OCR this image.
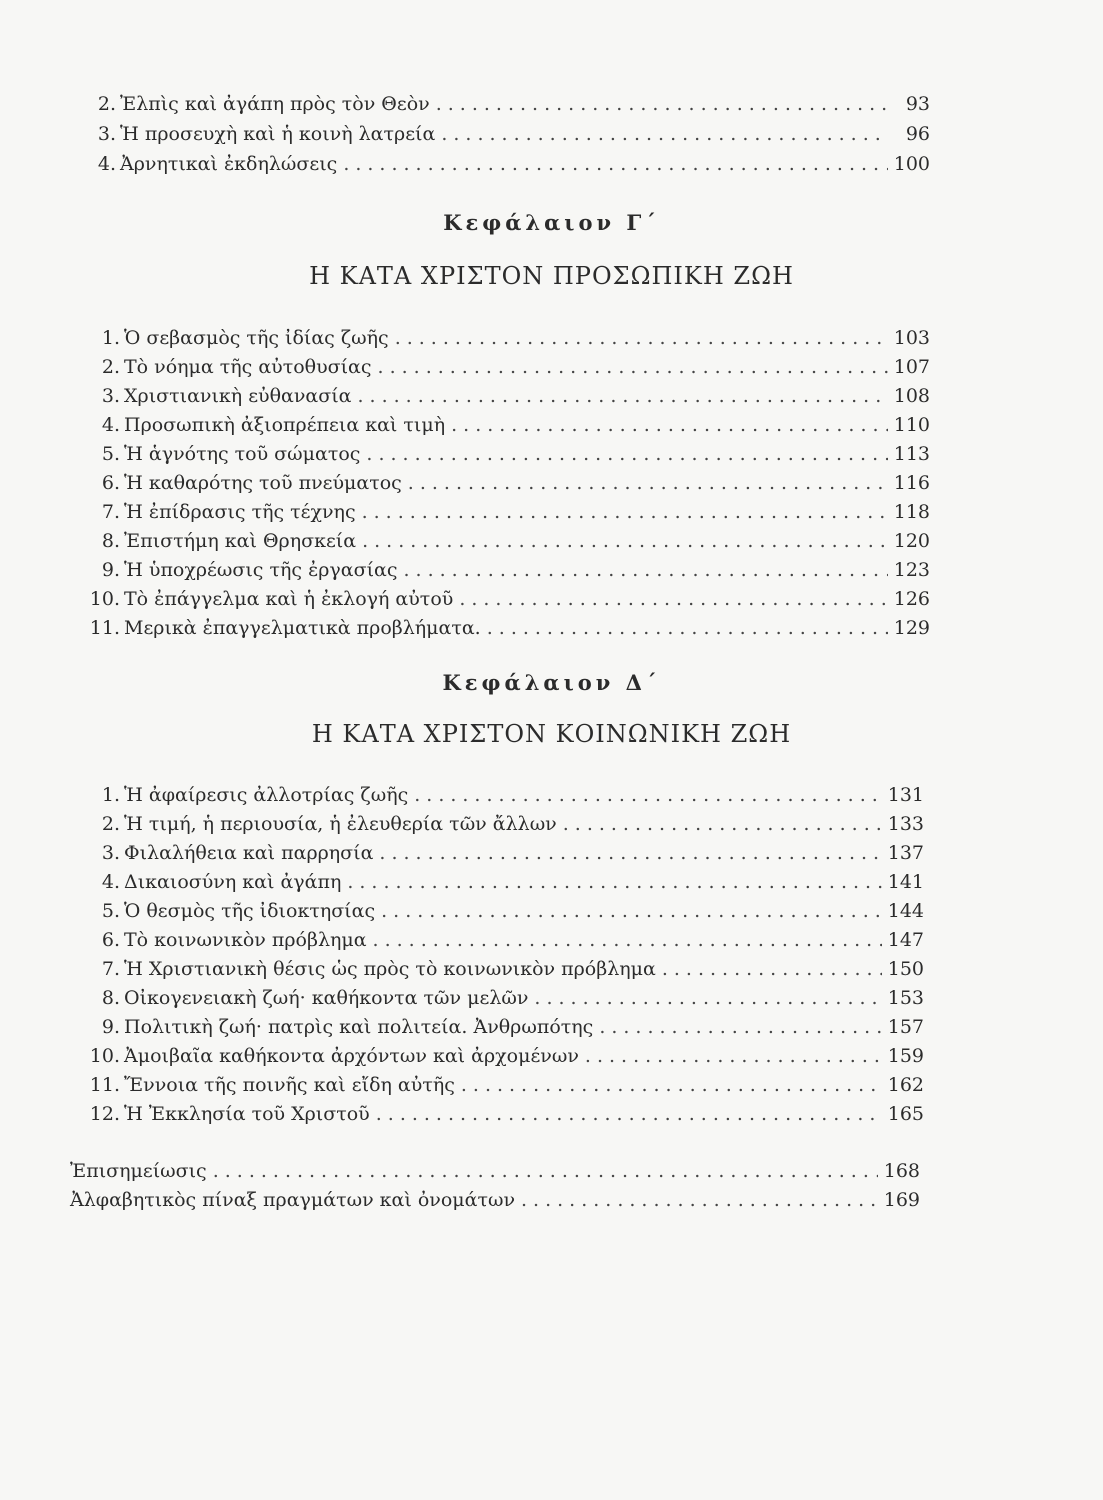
2. Ἐλπὶς καὶ ἀγάπη πρὸς τὸν Θεὸν .....	93
3. Ἡ προσευχὴ καὶ ἡ κοινὴ λατρεία .....	96
4. Ἀρνητικαὶ ἐκδηλώσεις .....	100
Κεφάλαιον Γ΄
Η ΚΑΤΑ ΧΡΙΣΤΟΝ ΠΡΟΣΩΠΙΚΗ ΖΩΗ
1. Ὁ σεβασμὸς τῆς ἰδίας ζωῆς .....	103
2. Τὸ νόημα τῆς αὐτοθυσίας .....	107
3. Χριστιανικὴ εὐθανασία .....	108
4. Προσωπικὴ ἀξιοπρέπεια καὶ τιμὴ .....	110
5. Ἡ ἁγνότης τοῦ σώματος .....	113
6. Ἡ καθαρότης τοῦ πνεύματος .....	116
7. Ἡ ἐπίδρασις τῆς τέχνης .....	118
8. Ἐπιστήμη καὶ Θρησκεία .....	120
9. Ἡ ὑποχρέωσις τῆς ἐργασίας .....	123
10. Τὸ ἐπάγγελμα καὶ ἡ ἐκλογή αὐτοῦ .....	126
11. Μερικὰ ἐπαγγελματικὰ προβλήματα. .....	129
Κεφάλαιον Δ΄
Η ΚΑΤΑ ΧΡΙΣΤΟΝ ΚΟΙΝΩΝΙΚΗ ΖΩΗ
1. Ἡ ἀφαίρεσις ἀλλοτρίας ζωῆς .....	131
2. Ἡ τιμή, ἡ περιουσία, ἡ ἐλευθερία τῶν ἄλλων .....	133
3. Φιλαλήθεια καὶ παρρησία .....	137
4. Δικαιοσύνη καὶ ἀγάπη .....	141
5. Ὁ θεσμὸς τῆς ἰδιοκτησίας .....	144
6. Τὸ κοινωνικὸν πρόβλημα .....	147
7. Ἡ Χριστιανικὴ θέσις ὡς πρὸς τὸ κοινωνικὸν πρόβλημα .....	150
8. Οἰκογενειακὴ ζωή· καθήκοντα τῶν μελῶν .....	153
9. Πολιτικὴ ζωή· πατρὶς καὶ πολιτεία. Ἀνθρωπότης .....	157
10. Ἀμοιβαῖα καθήκοντα ἀρχόντων καὶ ἀρχομένων .....	159
11. Ἔννοια τῆς ποινῆς καὶ εἴδη αὐτῆς .....	162
12. Ἡ Ἐκκλησία τοῦ Χριστοῦ .....	165
Ἐπισημείωσις .....	168
Ἀλφαβητικὸς πίναξ πραγμάτων καὶ ὀνομάτων .....	169
